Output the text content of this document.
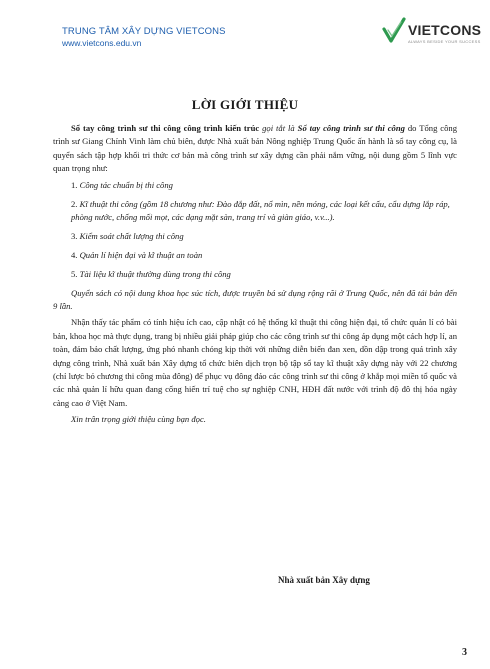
TRUNG TÂM XÂY DỰNG VIETCONS
www.vietcons.edu.vn
VIETCONS
ALWAYS BESIDE YOUR SUCCESS
LỜI GIỚI THIỆU

Sổ tay công trình sư thi công công trình kiến trúc gọi tắt là Sổ tay công trình sư thi công do Tổng công trình sư Giang Chính Vinh làm chủ biên, được Nhà xuất bản Nông nghiệp Trung Quốc ấn hành là sổ tay công cụ, là quyển sách tập hợp khối tri thức cơ bản mà công trình sư xây dựng cần phải nắm vững, nội dung gồm 5 lĩnh vực quan trọng như:

1. Công tác chuẩn bị thi công

2. Kĩ thuật thi công (gồm 18 chương như: Đào đắp đất, nổ mìn, nền móng, các loại kết cấu, cẩu dựng lắp ráp, phòng nước, chống mối mọt, các dạng mặt sàn, trang trí và giàn giáo, v.v...).

3. Kiểm soát chất lượng thi công

4. Quản lí hiện đại và kĩ thuật an toàn

5. Tài liệu kĩ thuật thường dùng trong thi công

Quyển sách có nội dung khoa học súc tích, được truyền bá sử dụng rộng rãi ở Trung Quốc, nên đã tái bản đến 9 lần.

Nhận thấy tác phẩm có tính hiệu ích cao, cập nhật có hệ thống kĩ thuật thi công hiện đại, tổ chức quản lí có bài bản, khoa học mà thực dụng, trang bị nhiều giải pháp giúp cho các công trình sư thi công áp dụng một cách hợp lí, an toàn, đảm bảo chất lượng, ứng phó nhanh chóng kịp thời với những diễn biến đan xen, dồn dập trong quá trình xây dựng công trình, Nhà xuất bản Xây dựng tổ chức biên dịch trọn bộ tập sổ tay kĩ thuật xây dựng này với 22 chương (chỉ lược bỏ chương thi công mùa đông) để phục vụ đông đảo các công trình sư thi công ở khắp mọi miền tổ quốc và các nhà quản lí hữu quan đang cống hiến trí tuệ cho sự nghiệp CNH, HĐH đất nước với trình độ đô thị hóa ngày càng cao ở Việt Nam.

Xin trân trọng giới thiệu cùng bạn đọc.

Nhà xuất bản Xây dựng
3
